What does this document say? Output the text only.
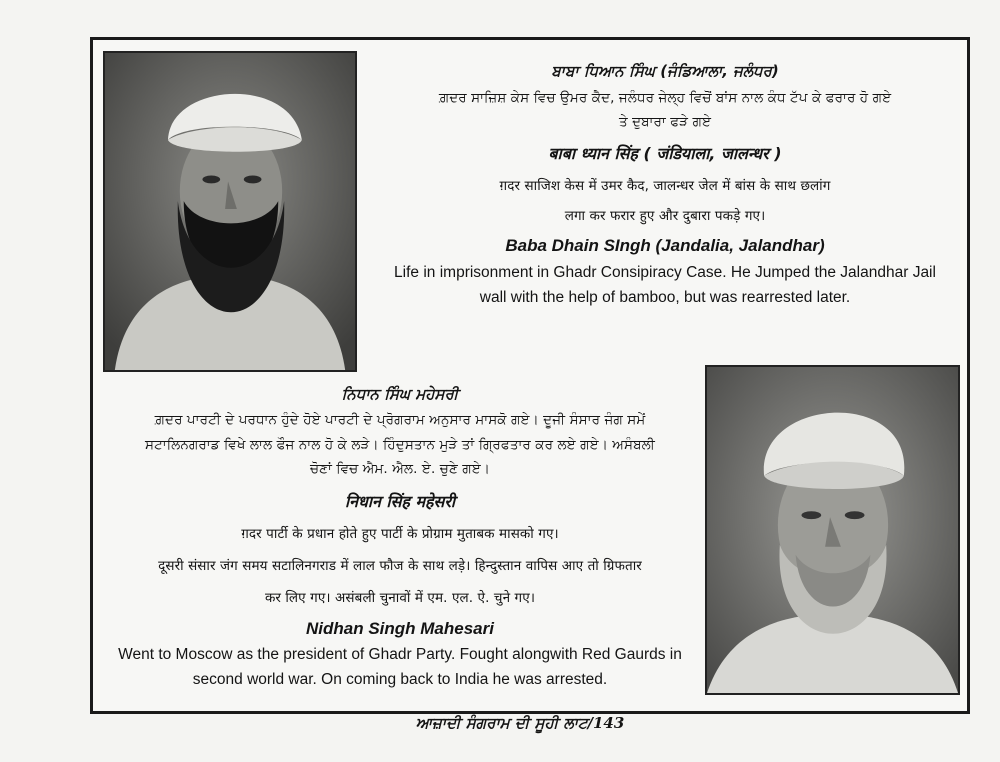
ਬਾਬਾ ਧਿਆਨ ਸਿੰਘ (ਜੰਡਿਆਲਾ, ਜਲੰਧਰ)
ਗ਼ਦਰ ਸਾਜ਼ਿਸ਼ ਕੇਸ ਵਿਚ ਉਮਰ ਕੈਦ, ਜਲੰਧਰ ਜੇਲ੍ਹ ਵਿਚੋਂ ਬਾਂਸ ਨਾਲ ਕੰਧ ਟੱਪ ਕੇ ਫਰਾਰ ਹੋ ਗਏ
ਤੇ ਦੁਬਾਰਾ ਫੜੇ ਗਏ
बाबा ध्यान सिंह ( जंडियाला, जालन्धर )
ग़दर साजिश केस में उमर कैद, जालन्धर जेल में बांस के साथ छलांग
लगा कर फरार हुए और दुबारा पकड़े गए।
Baba Dhain SIngh (Jandalia, Jalandhar)
Life in imprisonment in Ghadr Consipiracy Case. He Jumped the Jalandhar Jail
wall with the help of bamboo, but was rearrested later.
ਨਿਧਾਨ ਸਿੰਘ ਮਹੇਸਰੀ
ਗ਼ਦਰ ਪਾਰਟੀ ਦੇ ਪਰਧਾਨ ਹੁੰਦੇ ਹੋਏ ਪਾਰਟੀ ਦੇ ਪ੍ਰੋਗਰਾਮ ਅਨੁਸਾਰ ਮਾਸਕੋ ਗਏ। ਦੂਜੀ ਸੰਸਾਰ ਜੰਗ ਸਮੇਂ
ਸਟਾਲਿਨਗਰਾਡ ਵਿਖੇ ਲਾਲ ਫੌਜ ਨਾਲ ਹੋ ਕੇ ਲੜੇ। ਹਿੰਦੁਸਤਾਨ ਮੁੜੇ ਤਾਂ ਗ੍ਰਿਫਤਾਰ ਕਰ ਲਏ ਗਏ। ਅਸੰਬਲੀ
ਚੋਣਾਂ ਵਿਚ ਐਮ. ਐਲ. ਏ. ਚੁਣੇ ਗਏ।
निधान सिंह महेसरी
ग़दर पार्टी के प्रधान होते हुए पार्टी के प्रोग्राम मुताबक मासको गए।
दूसरी संसार जंग समय सटालिनगराड में लाल फौज के साथ लड़े। हिन्दुस्तान वापिस आए तो ग्रिफतार
कर लिए गए। असंबली चुनावों में एम. एल. ऐ. चुने गए।
Nidhan Singh Mahesari
Went to Moscow as the president of Ghadr Party. Fought alongwith Red Gaurds in
second world war. On coming back to India he was arrested.
ਆਜ਼ਾਦੀ ਸੰਗਰਾਮ ਦੀ ਸੂਹੀ ਲਾਟ/143
